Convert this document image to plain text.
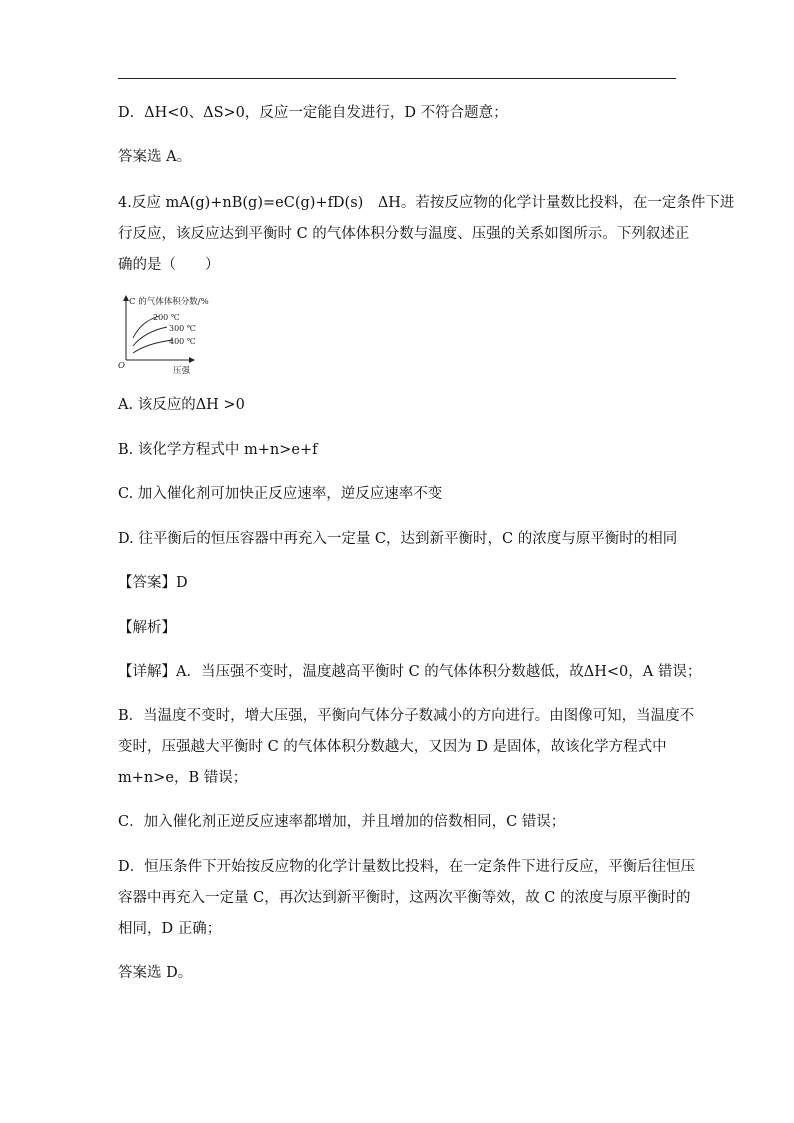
D．ΔH<0、ΔS>0，反应一定能自发进行，D 不符合题意；
答案选 A。
4.反应 mA(g)+nB(g)=eC(g)+fD(s)　ΔH。若按反应物的化学计量数比投料，在一定条件下进
行反应，该反应达到平衡时 C 的气体体积分数与温度、压强的关系如图所示。下列叙述正
确的是（　　）
C 的气体体积分数/%
压强
O
200 ℃
300 ℃
400 ℃
A. 该反应的ΔH >0
B. 该化学方程式中 m+n>e+f
C. 加入催化剂可加快正反应速率，逆反应速率不变
D. 往平衡后的恒压容器中再充入一定量 C，达到新平衡时，C 的浓度与原平衡时的相同
【答案】D
【解析】
【详解】A．当压强不变时，温度越高平衡时 C 的气体体积分数越低，故ΔH<0，A 错误；
B．当温度不变时，增大压强，平衡向气体分子数减小的方向进行。由图像可知，当温度不
变时，压强越大平衡时 C 的气体体积分数越大，又因为 D 是固体，故该化学方程式中
m+n>e，B 错误；
C．加入催化剂正逆反应速率都增加，并且增加的倍数相同，C 错误；
D．恒压条件下开始按反应物的化学计量数比投料，在一定条件下进行反应，平衡后往恒压
容器中再充入一定量 C，再次达到新平衡时，这两次平衡等效，故 C 的浓度与原平衡时的
相同，D 正确；
答案选 D。
